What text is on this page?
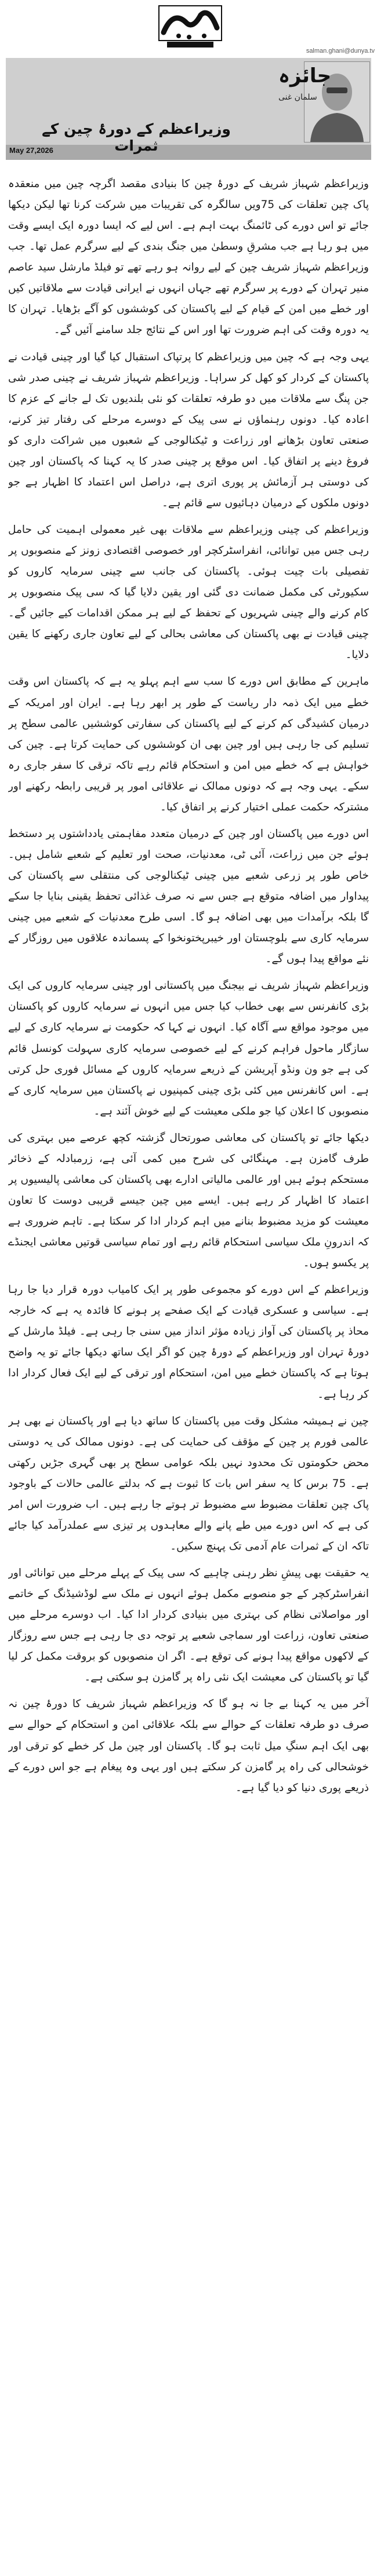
salman.ghani@dunya.tv
جائزہ
سلمان غنی
وزیراعظم کے دورۂ چین کے ثمرات
May 27,2026

وزیراعظم شہباز شریف کے دورۂ چین کا بنیادی مقصد اگرچہ چین میں منعقدہ پاک چین تعلقات کی 75ویں سالگرہ کی تقریبات میں شرکت کرنا تھا لیکن دیکھا جائے تو اس دورے کی ٹائمنگ بہت اہم ہے۔ اس لیے کہ ایسا دورہ ایک ایسے وقت میں ہو رہا ہے جب مشرقِ وسطیٰ میں جنگ بندی کے لیے سرگرم عمل تھا۔ جب وزیراعظم شہباز شریف چین کے لیے روانہ ہو رہے تھے تو فیلڈ مارشل سید عاصم منیر تہران کے دورے پر سرگرم تھے جہاں انہوں نے ایرانی قیادت سے ملاقاتیں کیں اور خطے میں امن کے قیام کے لیے پاکستان کی کوششوں کو آگے بڑھایا۔ تہران کا یہ دورہ وقت کی اہم ضرورت تھا اور اس کے نتائج جلد سامنے آئیں گے۔

یہی وجہ ہے کہ چین میں وزیراعظم کا پرتپاک استقبال کیا گیا اور چینی قیادت نے پاکستان کے کردار کو کھل کر سراہا۔ وزیراعظم شہباز شریف نے چینی صدر شی جن پنگ سے ملاقات میں دو طرفہ تعلقات کو نئی بلندیوں تک لے جانے کے عزم کا اعادہ کیا۔ دونوں رہنماؤں نے سی پیک کے دوسرے مرحلے کی رفتار تیز کرنے، صنعتی تعاون بڑھانے اور زراعت و ٹیکنالوجی کے شعبوں میں شراکت داری کو فروغ دینے پر اتفاق کیا۔ اس موقع پر چینی صدر کا یہ کہنا کہ پاکستان اور چین کی دوستی ہر آزمائش پر پوری اتری ہے، دراصل اس اعتماد کا اظہار ہے جو دونوں ملکوں کے درمیان دہائیوں سے قائم ہے۔

وزیراعظم کی چینی وزیراعظم سے ملاقات بھی غیر معمولی اہمیت کی حامل رہی جس میں توانائی، انفراسٹرکچر اور خصوصی اقتصادی زونز کے منصوبوں پر تفصیلی بات چیت ہوئی۔ پاکستان کی جانب سے چینی سرمایہ کاروں کو سکیورٹی کی مکمل ضمانت دی گئی اور یقین دلایا گیا کہ سی پیک منصوبوں پر کام کرنے والے چینی شہریوں کے تحفظ کے لیے ہر ممکن اقدامات کیے جائیں گے۔ چینی قیادت نے بھی پاکستان کی معاشی بحالی کے لیے تعاون جاری رکھنے کا یقین دلایا۔

ماہرین کے مطابق اس دورے کا سب سے اہم پہلو یہ ہے کہ پاکستان اس وقت خطے میں ایک ذمہ دار ریاست کے طور پر ابھر رہا ہے۔ ایران اور امریکہ کے درمیان کشیدگی کم کرنے کے لیے پاکستان کی سفارتی کوششیں عالمی سطح پر تسلیم کی جا رہی ہیں اور چین بھی ان کوششوں کی حمایت کرتا ہے۔ چین کی خواہش ہے کہ خطے میں امن و استحکام قائم رہے تاکہ ترقی کا سفر جاری رہ سکے۔ یہی وجہ ہے کہ دونوں ممالک نے علاقائی امور پر قریبی رابطہ رکھنے اور مشترکہ حکمت عملی اختیار کرنے پر اتفاق کیا۔

اس دورے میں پاکستان اور چین کے درمیان متعدد مفاہمتی یادداشتوں پر دستخط ہوئے جن میں زراعت، آئی ٹی، معدنیات، صحت اور تعلیم کے شعبے شامل ہیں۔ خاص طور پر زرعی شعبے میں چینی ٹیکنالوجی کی منتقلی سے پاکستان کی پیداوار میں اضافہ متوقع ہے جس سے نہ صرف غذائی تحفظ یقینی بنایا جا سکے گا بلکہ برآمدات میں بھی اضافہ ہو گا۔ اسی طرح معدنیات کے شعبے میں چینی سرمایہ کاری سے بلوچستان اور خیبرپختونخوا کے پسماندہ علاقوں میں روزگار کے نئے مواقع پیدا ہوں گے۔

وزیراعظم شہباز شریف نے بیجنگ میں پاکستانی اور چینی سرمایہ کاروں کی ایک بڑی کانفرنس سے بھی خطاب کیا جس میں انہوں نے سرمایہ کاروں کو پاکستان میں موجود مواقع سے آگاہ کیا۔ انہوں نے کہا کہ حکومت نے سرمایہ کاری کے لیے سازگار ماحول فراہم کرنے کے لیے خصوصی سرمایہ کاری سہولت کونسل قائم کی ہے جو ون ونڈو آپریشن کے ذریعے سرمایہ کاروں کے مسائل فوری حل کرتی ہے۔ اس کانفرنس میں کئی بڑی چینی کمپنیوں نے پاکستان میں سرمایہ کاری کے منصوبوں کا اعلان کیا جو ملکی معیشت کے لیے خوش آئند ہے۔

دیکھا جائے تو پاکستان کی معاشی صورتحال گزشتہ کچھ عرصے میں بہتری کی طرف گامزن ہے۔ مہنگائی کی شرح میں کمی آئی ہے، زرمبادلہ کے ذخائر مستحکم ہوئے ہیں اور عالمی مالیاتی ادارے بھی پاکستان کی معاشی پالیسیوں پر اعتماد کا اظہار کر رہے ہیں۔ ایسے میں چین جیسے قریبی دوست کا تعاون معیشت کو مزید مضبوط بنانے میں اہم کردار ادا کر سکتا ہے۔ تاہم ضروری ہے کہ اندرونِ ملک سیاسی استحکام قائم رہے اور تمام سیاسی قوتیں معاشی ایجنڈے پر یکسو ہوں۔

وزیراعظم کے اس دورے کو مجموعی طور پر ایک کامیاب دورہ قرار دیا جا رہا ہے۔ سیاسی و عسکری قیادت کے ایک صفحے پر ہونے کا فائدہ یہ ہے کہ خارجہ محاذ پر پاکستان کی آواز زیادہ مؤثر انداز میں سنی جا رہی ہے۔ فیلڈ مارشل کے دورۂ تہران اور وزیراعظم کے دورۂ چین کو اگر ایک ساتھ دیکھا جائے تو یہ واضح ہوتا ہے کہ پاکستان خطے میں امن، استحکام اور ترقی کے لیے ایک فعال کردار ادا کر رہا ہے۔

چین نے ہمیشہ مشکل وقت میں پاکستان کا ساتھ دیا ہے اور پاکستان نے بھی ہر عالمی فورم پر چین کے مؤقف کی حمایت کی ہے۔ دونوں ممالک کی یہ دوستی محض حکومتوں تک محدود نہیں بلکہ عوامی سطح پر بھی گہری جڑیں رکھتی ہے۔ 75 برس کا یہ سفر اس بات کا ثبوت ہے کہ بدلتے عالمی حالات کے باوجود پاک چین تعلقات مضبوط سے مضبوط تر ہوتے جا رہے ہیں۔ اب ضرورت اس امر کی ہے کہ اس دورے میں طے پانے والے معاہدوں پر تیزی سے عملدرآمد کیا جائے تاکہ ان کے ثمرات عام آدمی تک پہنچ سکیں۔

یہ حقیقت بھی پیشِ نظر رہنی چاہیے کہ سی پیک کے پہلے مرحلے میں توانائی اور انفراسٹرکچر کے جو منصوبے مکمل ہوئے انہوں نے ملک سے لوڈشیڈنگ کے خاتمے اور مواصلاتی نظام کی بہتری میں بنیادی کردار ادا کیا۔ اب دوسرے مرحلے میں صنعتی تعاون، زراعت اور سماجی شعبے پر توجہ دی جا رہی ہے جس سے روزگار کے لاکھوں مواقع پیدا ہونے کی توقع ہے۔ اگر ان منصوبوں کو بروقت مکمل کر لیا گیا تو پاکستان کی معیشت ایک نئی راہ پر گامزن ہو سکتی ہے۔

آخر میں یہ کہنا بے جا نہ ہو گا کہ وزیراعظم شہباز شریف کا دورۂ چین نہ صرف دو طرفہ تعلقات کے حوالے سے بلکہ علاقائی امن و استحکام کے حوالے سے بھی ایک اہم سنگِ میل ثابت ہو گا۔ پاکستان اور چین مل کر خطے کو ترقی اور خوشحالی کی راہ پر گامزن کر سکتے ہیں اور یہی وہ پیغام ہے جو اس دورے کے ذریعے پوری دنیا کو دیا گیا ہے۔
